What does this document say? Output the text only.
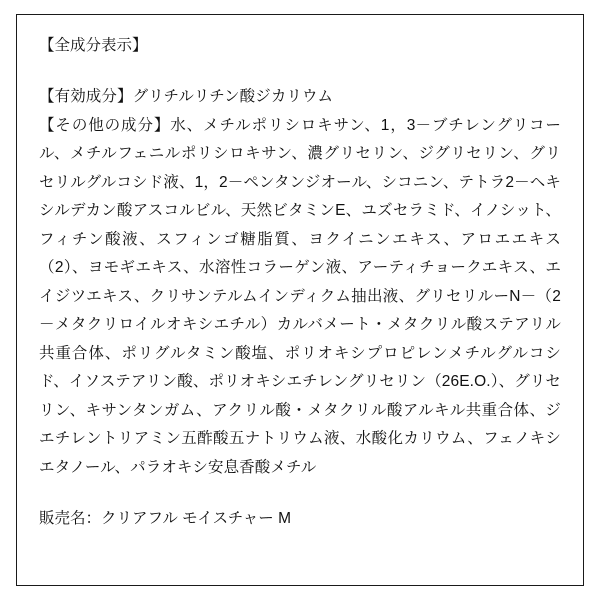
【全成分表示】

【有効成分】グリチルリチン酸ジカリウム

【その他の成分】水、メチルポリシロキサン、1，3－ブチレングリコール、メチルフェニルポリシロキサン、濃グリセリン、ジグリセリン、グリセリルグルコシド液、1，2－ペンタンジオール、シコニン、テトラ2－ヘキシルデカン酸アスコルビル、天然ビタミンE、ユズセラミド、イノシット、フィチン酸液、スフィンゴ糖脂質、ヨクイニンエキス、アロエエキス（2）、ヨモギエキス、水溶性コラーゲン液、アーティチョークエキス、エイジツエキス、クリサンテルムインディクム抽出液、グリセリルーN－（2－メタクリロイルオキシエチル）カルバメート・メタクリル酸ステアリル共重合体、ポリグルタミン酸塩、ポリオキシプロピレンメチルグルコシド、イソステアリン酸、ポリオキシエチレングリセリン（26E.O.）、グリセリン、キサンタンガム、アクリル酸・メタクリル酸アルキル共重合体、ジエチレントリアミン五酢酸五ナトリウム液、水酸化カリウム、フェノキシエタノール、パラオキシ安息香酸メチル

販売名：クリアフル モイスチャー M
